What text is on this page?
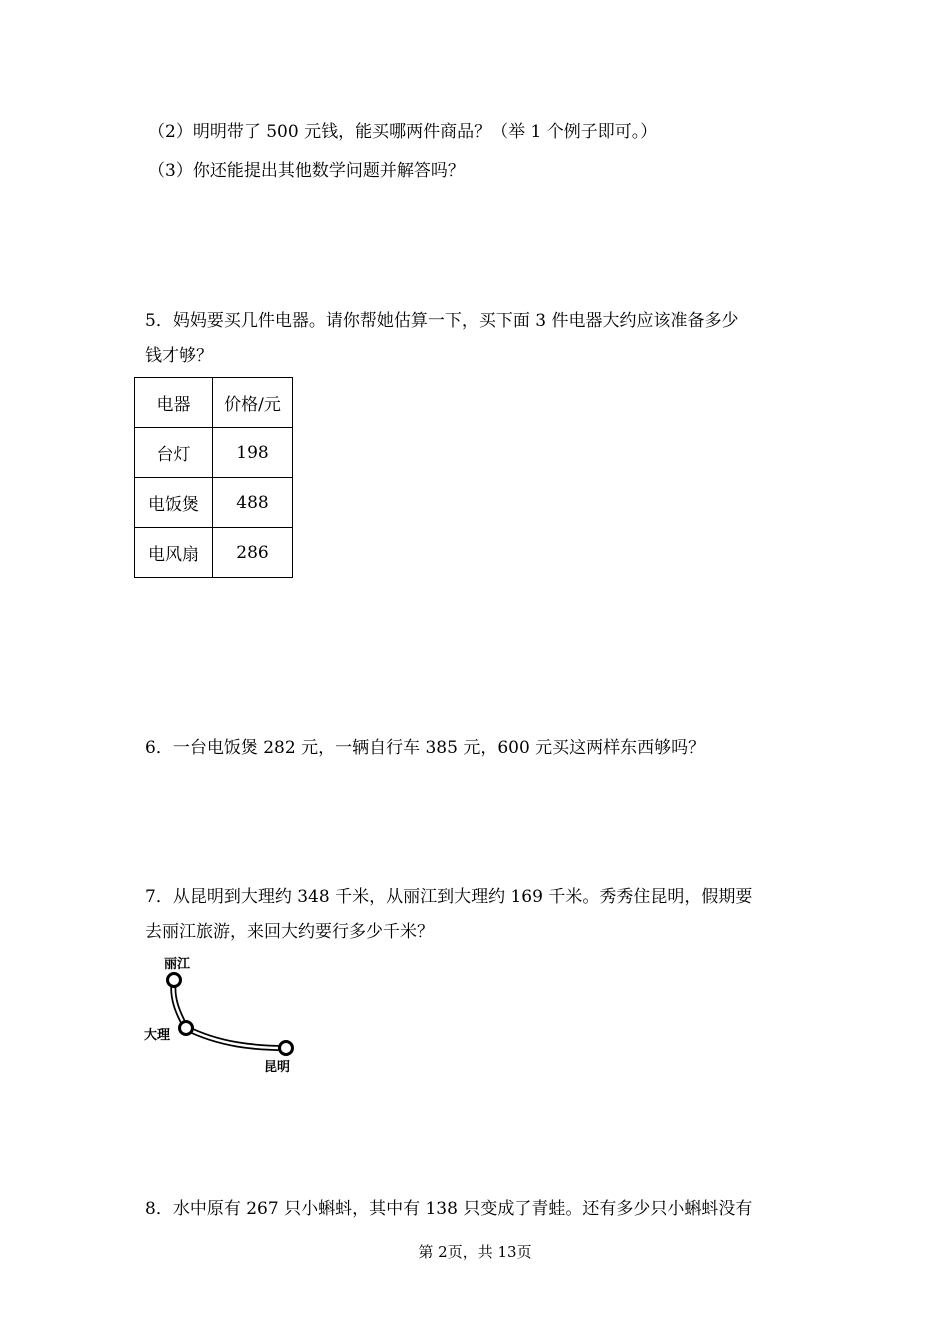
（2）明明带了 500 元钱，能买哪两件商品？（举 1 个例子即可。）
（3）你还能提出其他数学问题并解答吗？
5．妈妈要买几件电器。请你帮她估算一下，买下面 3 件电器大约应该准备多少
钱才够？
电器	价格/元
台灯	198
电饭煲	488
电风扇	286
6．一台电饭煲 282 元，一辆自行车 385 元，600 元买这两样东西够吗？
7．从昆明到大理约 348 千米，从丽江到大理约 169 千米。秀秀住昆明，假期要
去丽江旅游，来回大约要行多少千米？
丽江
大理
昆明
8．水中原有 267 只小蝌蚪，其中有 138 只变成了青蛙。还有多少只小蝌蚪没有
第 2页，共 13页
